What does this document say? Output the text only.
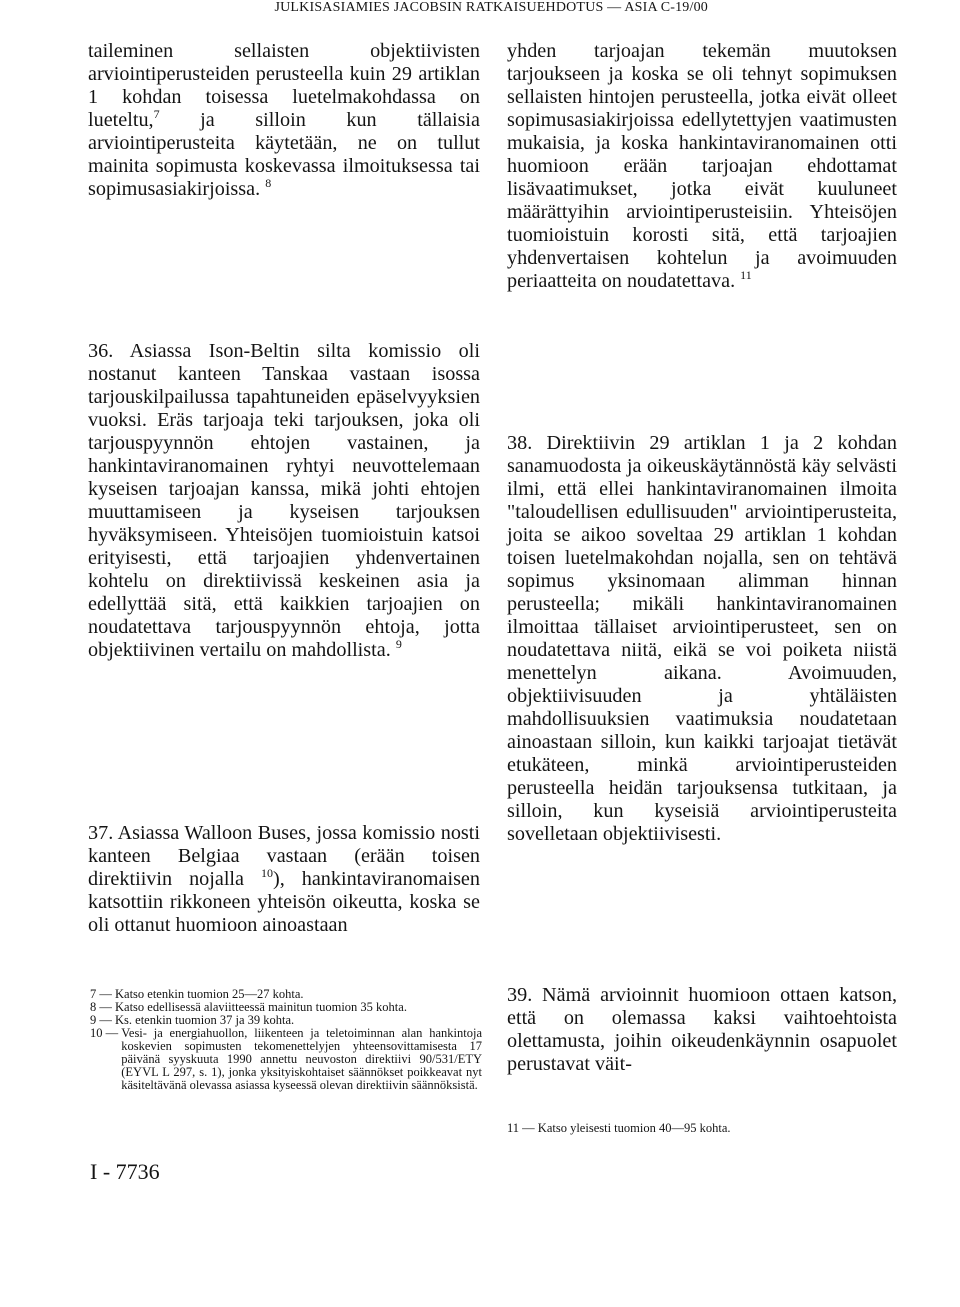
JULKISASIAMIES JACOBSIN RATKAISUEHDOTUS — ASIA C-19/00

taileminen sellaisten objektiivisten arviointiperusteiden perusteella kuin 29 artiklan 1 kohdan toisessa luetelmakohdassa on lueteltu,$^7$ ja silloin kun tällaisia arviointiperusteita käytetään, ne on tullut mainita sopimusta koskevassa ilmoituksessa tai sopimusasiakirjoissa. $^8$

36. Asiassa Ison-Beltin silta komissio oli nostanut kanteen Tanskaa vastaan isossa tarjouskilpailussa tapahtuneiden epäselvyyksien vuoksi. Eräs tarjoaja teki tarjouksen, joka oli tarjouspyynnön ehtojen vastainen, ja hankintaviranomainen ryhtyi neuvottelemaan kyseisen tarjoajan kanssa, mikä johti ehtojen muuttamiseen ja kyseisen tarjouksen hyväksymiseen. Yhteisöjen tuomioistuin katsoi erityisesti, että tarjoajien yhdenvertainen kohtelu on direktiivissä keskeinen asia ja edellyttää sitä, että kaikkien tarjoajien on noudatettava tarjouspyynnön ehtoja, jotta objektiivinen vertailu on mahdollista. $^9$

37. Asiassa Walloon Buses, jossa komissio nosti kanteen Belgiaa vastaan (erään toisen direktiivin nojalla $^{10}$), hankintaviranomaisen katsottiin rikkoneen yhteisön oikeutta, koska se oli ottanut huomioon ainoastaan

yhden tarjoajan tekemän muutoksen tarjoukseen ja koska se oli tehnyt sopimuksen sellaisten hintojen perusteella, jotka eivät olleet sopimusasiakirjoissa edellytettyjen vaatimusten mukaisia, ja koska hankintaviranomainen otti huomioon erään tarjoajan ehdottamat lisävaatimukset, jotka eivät kuuluneet määrättyihin arviointiperusteisiin. Yhteisöjen tuomioistuin korosti sitä, että tarjoajien yhdenvertaisen kohtelun ja avoimuuden periaatteita on noudatettava. $^{11}$

38. Direktiivin 29 artiklan 1 ja 2 kohdan sanamuodosta ja oikeuskäytännöstä käy selvästi ilmi, että ellei hankintaviranomainen ilmoita "taloudellisen edullisuuden" arviointiperusteita, joita se aikoo soveltaa 29 artiklan 1 kohdan toisen luetelmakohdan nojalla, sen on tehtävä sopimus yksinomaan alimman hinnan perusteella; mikäli hankintaviranomainen ilmoittaa tällaiset arviointiperusteet, sen on noudatettava niitä, eikä se voi poiketa niistä menettelyn aikana. Avoimuuden, objektiivisuuden ja yhtäläisten mahdollisuuksien vaatimuksia noudatetaan ainoastaan silloin, kun kaikki tarjoajat tietävät etukäteen, minkä arviointiperusteiden perusteella heidän tarjouksensa tutkitaan, ja silloin, kun kyseisiä arviointiperusteita sovelletaan objektiivisesti.

39. Nämä arvioinnit huomioon ottaen katson, että on olemassa kaksi vaihtoehtoista olettamusta, joihin oikeudenkäynnin osapuolet perustavat väit-

7 — Katso etenkin tuomion 25—27 kohta.
8 — Katso edellisessä alaviitteessä mainitun tuomion 35 kohta.
9 — Ks. etenkin tuomion 37 ja 39 kohta.
10 — Vesi- ja energiahuollon, liikenteen ja teletoiminnan alan hankintoja koskevien sopimusten tekomenettelyjen yhteensovittamisesta 17 päivänä syyskuuta 1990 annettu neuvoston direktiivi 90/531/ETY (EYVL L 297, s. 1), jonka yksityiskohtaiset säännökset poikkeavat nyt käsiteltävänä olevassa asiassa kyseessä olevan direktiivin säännöksistä.
11 — Katso yleisesti tuomion 40—95 kohta.
I - 7736
